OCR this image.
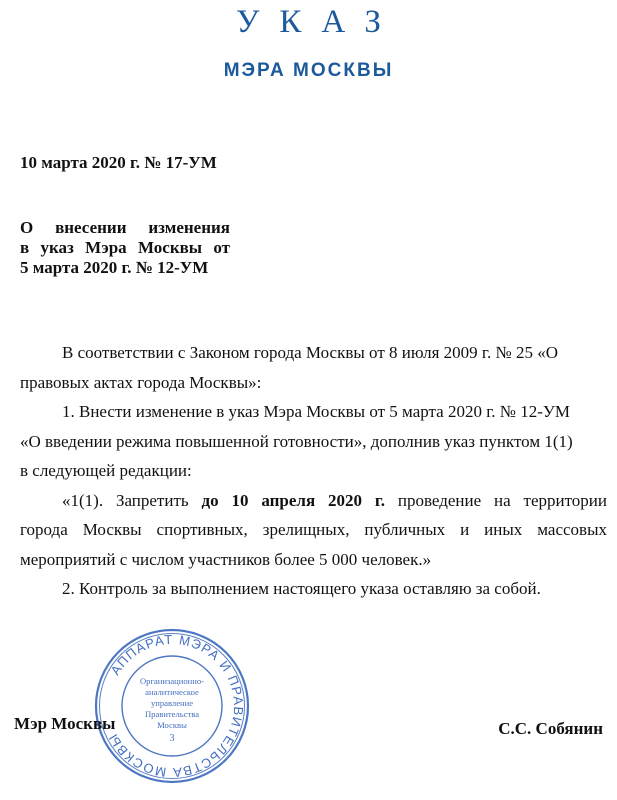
УКАЗ
МЭРА МОСКВЫ
10 марта 2020 г. № 17-УМ
О внесении изменения
в указ Мэра Москвы от
5 марта 2020 г. № 12-УМ
В соответствии с Законом города Москвы от 8 июля 2009 г. № 25 «О
правовых актах города Москвы»:
1. Внести изменение в указ Мэра Москвы от 5 марта 2020 г. № 12-УМ
«О введении режима повышенной готовности», дополнив указ пунктом 1(1)
в следующей редакции:
«1(1). Запретить до 10 апреля 2020 г. проведение на территории
города Москвы спортивных, зрелищных, публичных и иных массовых
мероприятий с числом участников более 5 000 человек.»
2. Контроль за выполнением настоящего указа оставляю за собой.
АППАРАТ МЭРА И ПРАВИТЕЛЬСТВА МОСКВЫ
Организационно-
аналитическое
управление
Правительства
Москвы
3
Мэр Москвы	С.С. Собянин
